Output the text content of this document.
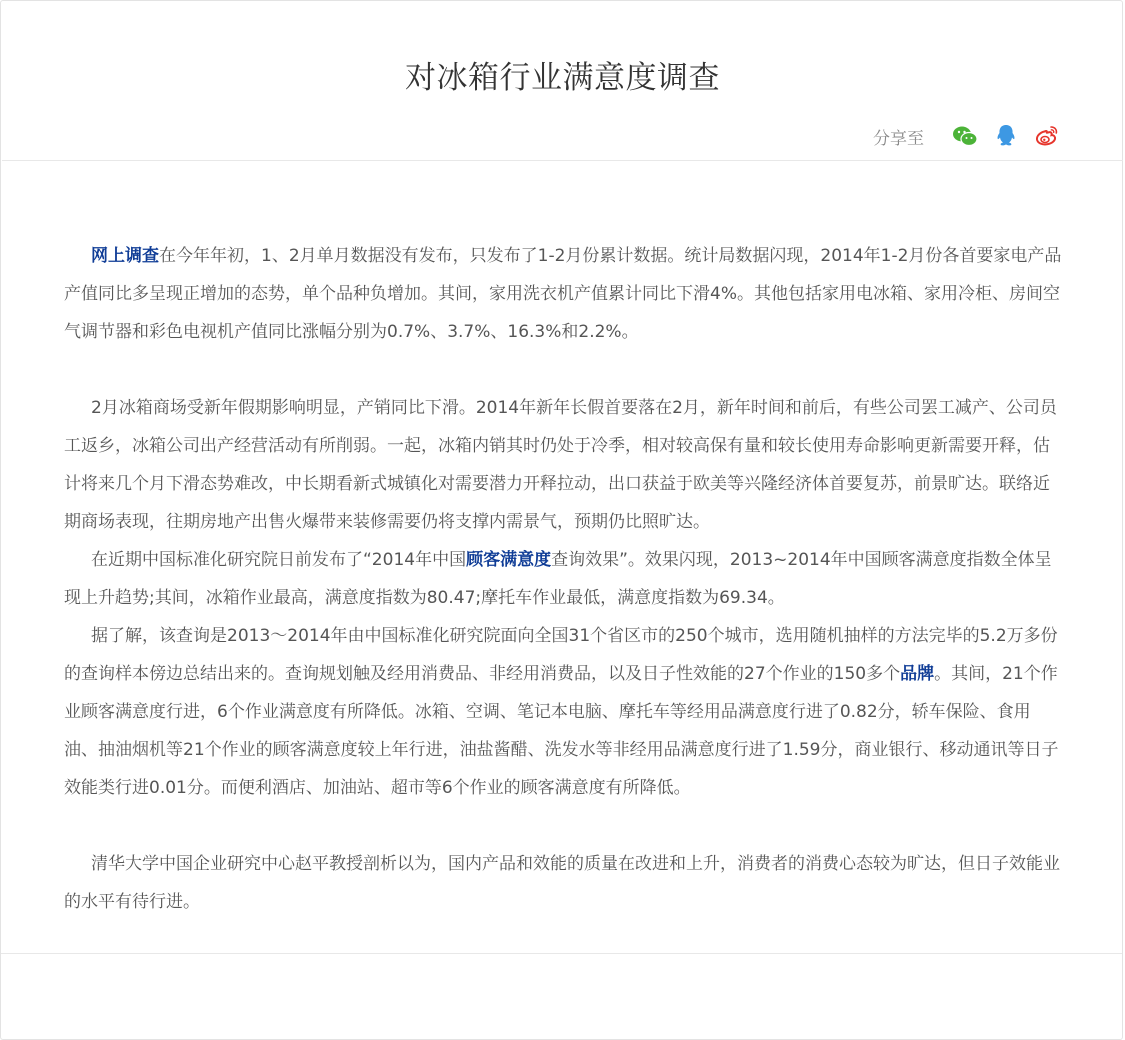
对冰箱行业满意度调查
分享至

网上调查在今年年初，1、2月单月数据没有发布，只发布了1-2月份累计数据。统计局数据闪现，2014年1-2月份各首要家电产品产值同比多呈现正增加的态势，单个品种负增加。其间，家用洗衣机产值累计同比下滑4%。其他包括家用电冰箱、家用冷柜、房间空气调节器和彩色电视机产值同比涨幅分别为0.7%、3.7%、16.3%和2.2%。

2月冰箱商场受新年假期影响明显，产销同比下滑。2014年新年长假首要落在2月，新年时间和前后，有些公司罢工减产、公司员工返乡，冰箱公司出产经营活动有所削弱。一起，冰箱内销其时仍处于冷季，相对较高保有量和较长使用寿命影响更新需要开释，估计将来几个月下滑态势难改，中长期看新式城镇化对需要潜力开释拉动，出口获益于欧美等兴隆经济体首要复苏，前景旷达。联络近期商场表现，往期房地产出售火爆带来装修需要仍将支撑内需景气，预期仍比照旷达。

在近期中国标准化研究院日前发布了“2014年中国顾客满意度查询效果”。效果闪现，2013~2014年中国顾客满意度指数全体呈现上升趋势;其间，冰箱作业最高，满意度指数为80.47;摩托车作业最低，满意度指数为69.34。

据了解，该查询是2013～2014年由中国标准化研究院面向全国31个省区市的250个城市，选用随机抽样的方法完毕的5.2万多份的查询样本傍边总结出来的。查询规划触及经用消费品、非经用消费品，以及日子性效能的27个作业的150多个品牌。其间，21个作业顾客满意度行进，6个作业满意度有所降低。冰箱、空调、笔记本电脑、摩托车等经用品满意度行进了0.82分，轿车保险、食用油、抽油烟机等21个作业的顾客满意度较上年行进，油盐酱醋、洗发水等非经用品满意度行进了1.59分，商业银行、移动通讯等日子效能类行进0.01分。而便利酒店、加油站、超市等6个作业的顾客满意度有所降低。

清华大学中国企业研究中心赵平教授剖析以为，国内产品和效能的质量在改进和上升，消费者的消费心态较为旷达，但日子效能业的水平有待行进。
